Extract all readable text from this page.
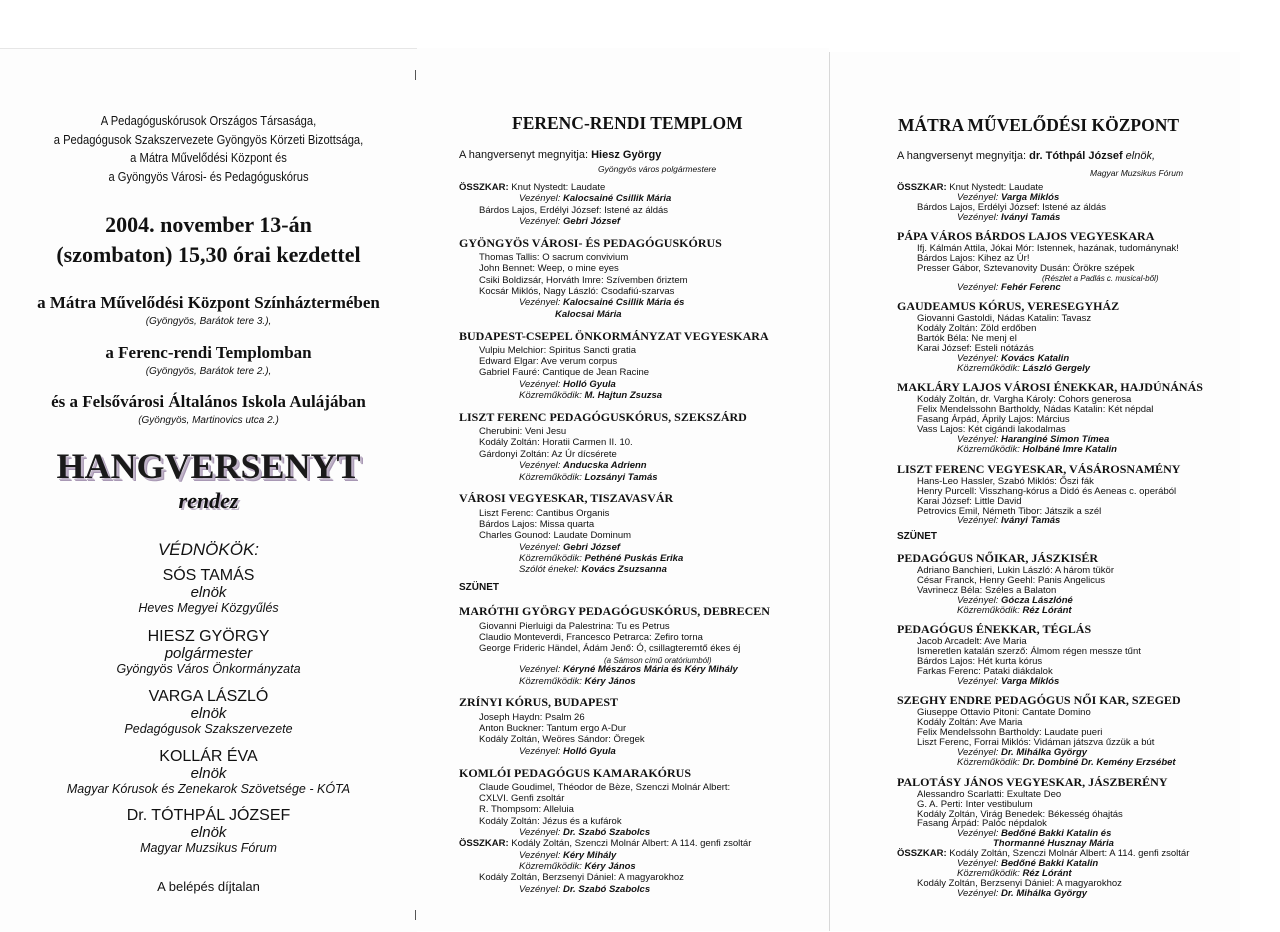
A Pedagóguskórusok Országos Társasága,
a Pedagógusok Szakszervezete Gyöngyös Körzeti Bizottsága,
a Mátra Művelődési Központ és
a Gyöngyös Városi- és Pedagóguskórus
2004. november 13-án
(szombaton) 15,30 órai kezdettel
a Mátra Művelődési Központ Színháztermében
(Gyöngyös, Barátok tere 3.),
a Ferenc-rendi Templomban
(Gyöngyös, Barátok tere 2.),
és a Felsővárosi Általános Iskola Aulájában
(Gyöngyös, Martinovics utca 2.)
HANGVERSENYT
rendez
VÉDNÖKÖK:
SÓS TAMÁS
elnök
Heves Megyei Közgyűlés
HIESZ GYÖRGY
polgármester
Gyöngyös Város Önkormányzata
VARGA LÁSZLÓ
elnök
Pedagógusok Szakszervezete
KOLLÁR ÉVA
elnök
Magyar Kórusok és Zenekarok Szövetsége - KÓTA
Dr. TÓTHPÁL JÓZSEF
elnök
Magyar Muzsikus Fórum
A belépés díjtalan
FERENC-RENDI TEMPLOM
A hangversenyt megnyitja: Hiesz György
Gyöngyös város polgármestere
ÖSSZKAR: Knut Nystedt: Laudate
Vezényel: Kalocsainé Csillik Mária
Bárdos Lajos, Erdélyi József: Istené az áldás
Vezényel: Gebri József
GYÖNGYÖS VÁROSI- ÉS PEDAGÓGUSKÓRUS
Thomas Tallis: O sacrum convivium
John Bennet: Weep, o mine eyes
Csiki Boldizsár, Horváth Imre: Szívemben őriztem
Kocsár Miklós, Nagy László: Csodafiú-szarvas
Vezényel: Kalocsainé Csillik Mária és
Kalocsai Mária
BUDAPEST-CSEPEL ÖNKORMÁNYZAT VEGYESKARA
Vulpiu Melchior: Spiritus Sancti gratia
Edward Elgar: Ave verum corpus
Gabriel Fauré: Cantique de Jean Racine
Vezényel: Holló Gyula
Közreműködik: M. Hajtun Zsuzsa
LISZT FERENC PEDAGÓGUSKÓRUS, SZEKSZÁRD
Cherubini: Veni Jesu
Kodály Zoltán: Horatii Carmen II. 10.
Gárdonyi Zoltán: Az Úr dícsérete
Vezényel: Anducska Adrienn
Közreműködik: Lozsányi Tamás
VÁROSI VEGYESKAR, TISZAVASVÁR
Liszt Ferenc: Cantibus Organis
Bárdos Lajos: Missa quarta
Charles Gounod: Laudate Dominum
Vezényel: Gebri József
Közreműködik: Pethéné Puskás Erika
Szólót énekel: Kovács Zsuzsanna
SZÜNET
MARÓTHI GYÖRGY PEDAGÓGUSKÓRUS, DEBRECEN
Giovanni Pierluigi da Palestrina: Tu es Petrus
Claudio Monteverdi, Francesco Petrarca: Zefiro torna
George Frideric Händel, Ádám Jenő: Ó, csillagteremtő ékes éj
(a Sámson című oratóriumból)
Vezényel: Kéryné Mészáros Mária és Kéry Mihály
Közreműködik: Kéry János
ZRÍNYI KÓRUS, BUDAPEST
Joseph Haydn: Psalm 26
Anton Buckner: Tantum ergo A-Dur
Kodály Zoltán, Weöres Sándor: Öregek
Vezényel: Holló Gyula
KOMLÓI PEDAGÓGUS KAMARAKÓRUS
Claude Goudimel, Théodor de Bèze, Szenczi Molnár Albert:
CXLVI. Genfi zsoltár
R. Thompsom: Alleluia
Kodály Zoltán: Jézus és a kufárok
Vezényel: Dr. Szabó Szabolcs
ÖSSZKAR: Kodály Zoltán, Szenczi Molnár Albert: A 114. genfi zsoltár
Vezényel: Kéry Mihály
Közreműködik: Kéry János
Kodály Zoltán, Berzsenyi Dániel: A magyarokhoz
Vezényel: Dr. Szabó Szabolcs
MÁTRA MŰVELŐDÉSI KÖZPONT
A hangversenyt megnyitja: dr. Tóthpál József elnök,
Magyar Muzsikus Fórum
ÖSSZKAR: Knut Nystedt: Laudate
Vezényel: Varga Miklós
Bárdos Lajos, Erdélyi József: Istené az áldás
Vezényel: Iványi Tamás
PÁPA VÁROS BÁRDOS LAJOS VEGYESKARA
Ifj. Kálmán Attila, Jókai Mór: Istennek, hazának, tudománynak!
Bárdos Lajos: Kihez az Úr!
Presser Gábor, Sztevanovity Dusán: Örökre szépek
(Részlet a Padlás c. musical-ből)
Vezényel: Fehér Ferenc
GAUDEAMUS KÓRUS, VERESEGYHÁZ
Giovanni Gastoldi, Nádas Katalin: Tavasz
Kodály Zoltán: Zöld erdőben
Bartók Béla: Ne menj el
Karai József: Esteli nótázás
Vezényel: Kovács Katalin
Közreműködik: László Gergely
MAKLÁRY LAJOS VÁROSI ÉNEKKAR, HAJDÚNÁNÁS
Kodály Zoltán, dr. Vargha Károly: Cohors generosa
Felix Mendelssohn Bartholdy, Nádas Katalin: Két népdal
Fasang Árpád, Áprily Lajos: Március
Vass Lajos: Két cigándi lakodalmas
Vezényel: Haranginé Simon Tímea
Közreműködik: Holbáné Imre Katalin
LISZT FERENC VEGYESKAR, VÁSÁROSNAMÉNY
Hans-Leo Hassler, Szabó Miklós: Őszi fák
Henry Purcell: Visszhang-kórus a Didó és Aeneas c. operából
Karai József: Little David
Petrovics Emil, Németh Tibor: Játszik a szél
Vezényel: Iványi Tamás
SZÜNET
PEDAGÓGUS NŐIKAR, JÁSZKISÉR
Adriano Banchieri, Lukin László: A három tükör
César Franck, Henry Geehl: Panis Angelicus
Vavrinecz Béla: Széles a Balaton
Vezényel: Gócza Lászlóné
Közreműködik: Réz Lóránt
PEDAGÓGUS ÉNEKKAR, TÉGLÁS
Jacob Arcadelt: Ave Maria
Ismeretlen katalán szerző: Álmom régen messze tűnt
Bárdos Lajos: Hét kurta kórus
Farkas Ferenc: Pataki diákdalok
Vezényel: Varga Miklós
SZEGHY ENDRE PEDAGÓGUS NŐI KAR, SZEGED
Giuseppe Ottavio Pitoni: Cantate Domino
Kodály Zoltán: Ave Maria
Felix Mendelssohn Bartholdy: Laudate pueri
Liszt Ferenc, Forrai Miklós: Vidáman játszva űzzük a bút
Vezényel: Dr. Mihálka György
Közreműködik: Dr. Dombiné Dr. Kemény Erzsébet
PALOTÁSY JÁNOS VEGYESKAR, JÁSZBERÉNY
Alessandro Scarlatti: Exultate Deo
G. A. Perti: Inter vestibulum
Kodály Zoltán, Virág Benedek: Békesség óhajtás
Fasang Árpád: Palóc népdalok
Vezényel: Bedőné Bakki Katalin és
Thormanné Husznay Mária
ÖSSZKAR: Kodály Zoltán, Szenczi Molnár Albert: A 114. genfi zsoltár
Vezényel: Bedőné Bakki Katalin
Közreműködik: Réz Lóránt
Kodály Zoltán, Berzsenyi Dániel: A magyarokhoz
Vezényel: Dr. Mihálka György
